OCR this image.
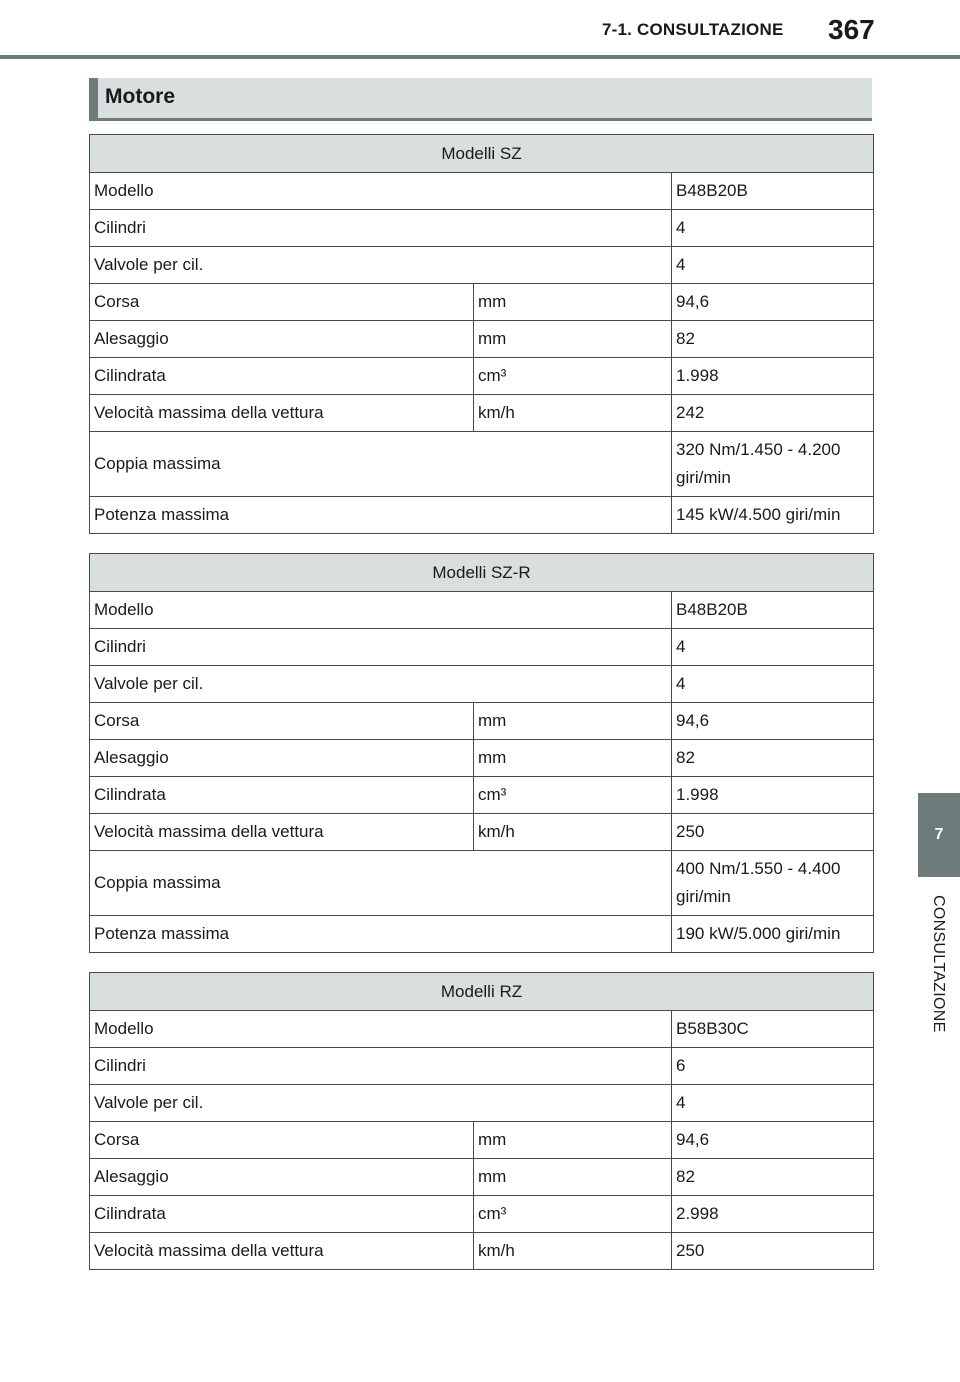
7-1. CONSULTAZIONE 367
Motore
Modelli SZ		
Modello		B48B20B
Cilindri		4
Valvole per cil.		4
Corsa	mm	94,6
Alesaggio	mm	82
Cilindrata	cm³	1.998
Velocità massima della vettura	km/h	242
Coppia massima		320 Nm/1.450 - 4.200
giri/min

Potenza massima		145 kW/4.500 giri/min
Modelli SZ-R		
Modello		B48B20B
Cilindri		4
Valvole per cil.		4
Corsa	mm	94,6
Alesaggio	mm	82
Cilindrata	cm³	1.998
Velocità massima della vettura	km/h	250
Coppia massima		400 Nm/1.550 - 4.400
giri/min

Potenza massima		190 kW/5.000 giri/min
Modelli RZ		
Modello		B58B30C
Cilindri		6
Valvole per cil.		4
Corsa	mm	94,6
Alesaggio	mm	82
Cilindrata	cm³	2.998
Velocità massima della vettura	km/h	250
7
CONSULTAZIONE
